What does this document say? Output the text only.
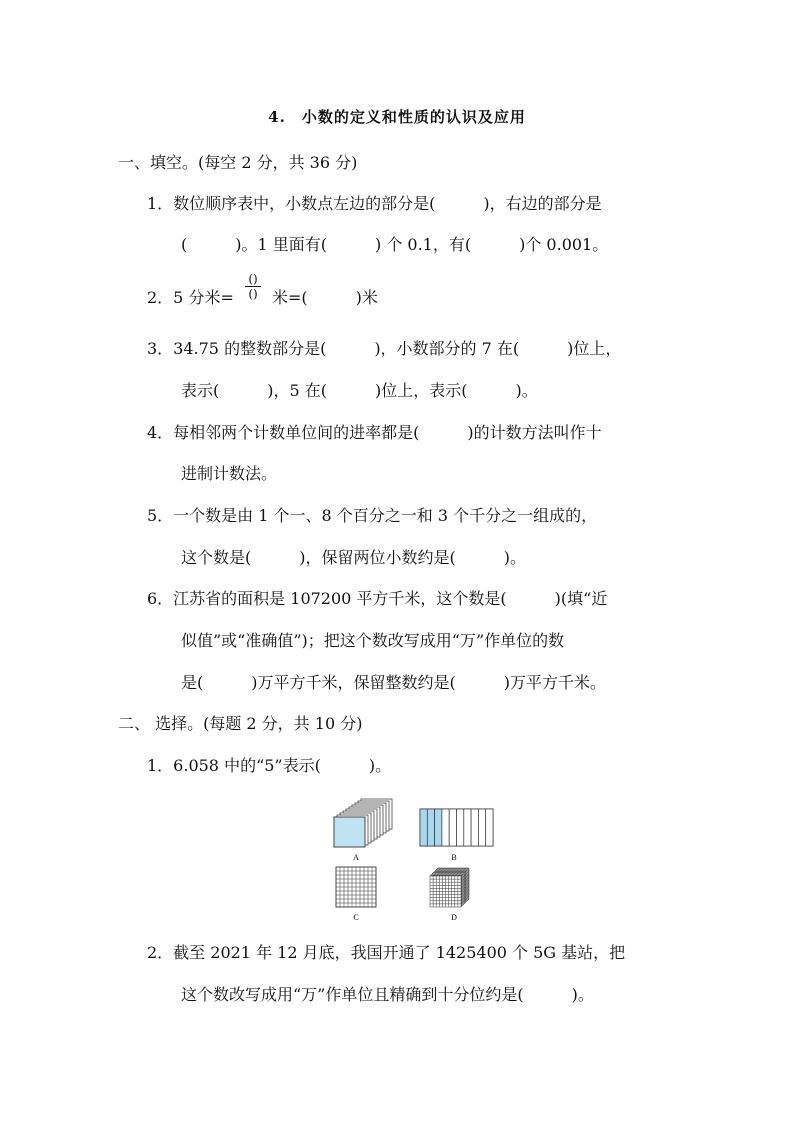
4.　小数的定义和性质的认识及应用
一、填空。(每空 2 分，共 36 分)
1．数位顺序表中，小数点左边的部分是(　　　)，右边的部分是
(　　　)。1 里面有(　　　) 个 0.1，有(　　　)个 0.001。
2．5 分米=
()
() 米=(　　　)米
3．34.75 的整数部分是(　　　)，小数部分的 7 在(　　　)位上，
表示(　　　)，5 在(　　　)位上，表示(　　　)。
4．每相邻两个计数单位间的进率都是(　　　)的计数方法叫作十
进制计数法。
5．一个数是由 1 个一、8 个百分之一和 3 个千分之一组成的，
这个数是(　　　)，保留两位小数约是(　　　)。
6．江苏省的面积是 107200 平方千米，这个数是(　　　)(填“近
似值”或“准确值”)；把这个数改写成用“万”作单位的数
是(　　　)万平方千米，保留整数约是(　　　)万平方千米。
二、 选择。(每题 2 分，共 10 分)
1．6.058 中的“5”表示(　　　)。
A	B
C	D
2．截至 2021 年 12 月底，我国开通了 1425400 个 5G 基站，把
这个数改写成用“万”作单位且精确到十分位约是(　　　)。
